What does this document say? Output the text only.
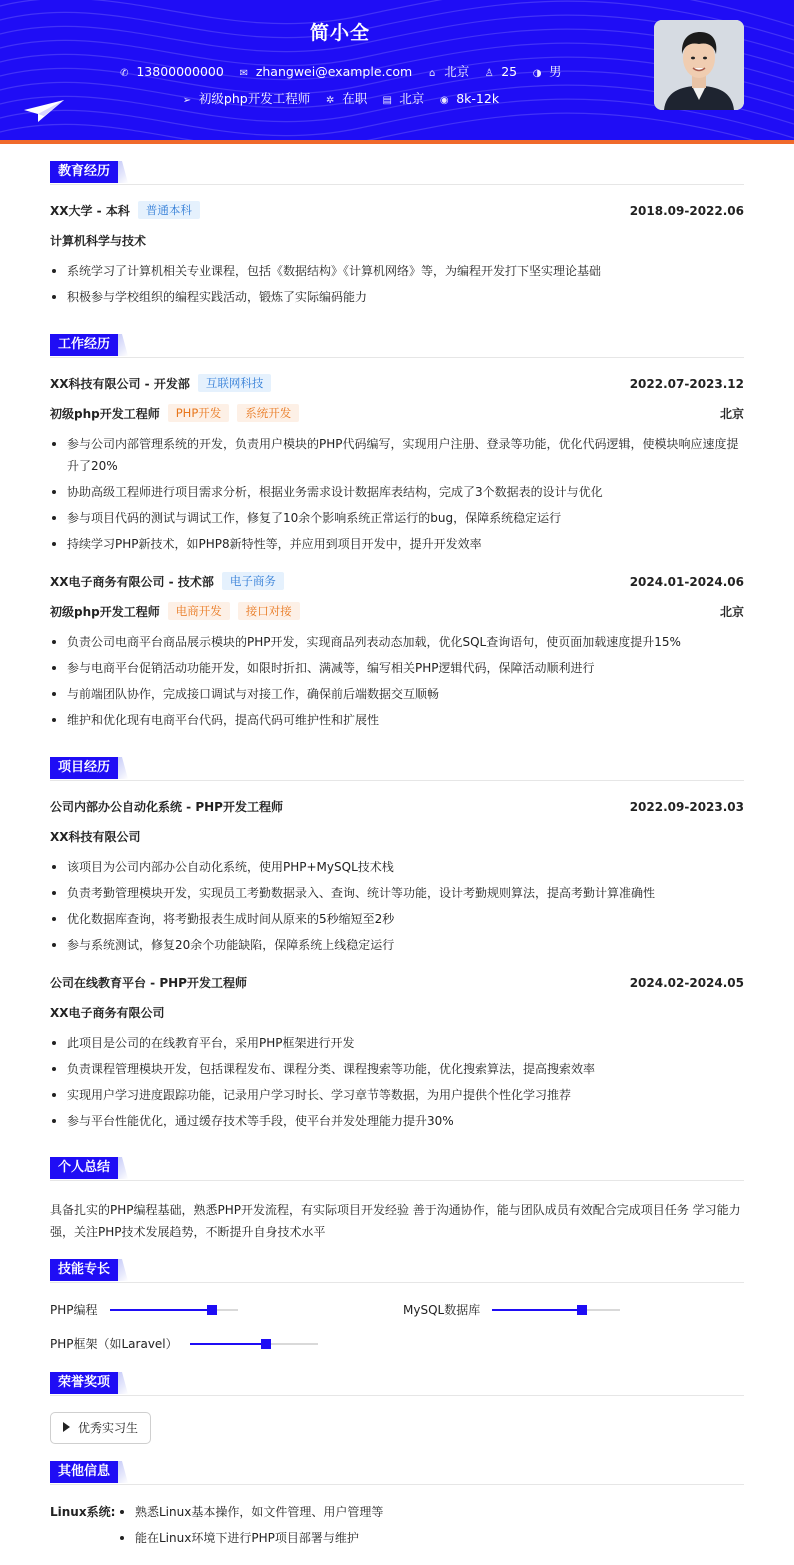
简小全
✆ 13800000000 ✉ zhangwei@example.com ⌂ 北京 ♙ 25 ◑ 男
➢ 初级php开发工程师 ✲ 在职 ▤ 北京 ◉ 8k-12k
教育经历
XX大学 - 本科 普通本科	2018.09-2022.06
计算机科学与技术
系统学习了计算机相关专业课程，包括《数据结构》《计算机网络》等，为编程开发打下坚实理论基础
积极参与学校组织的编程实践活动，锻炼了实际编码能力
工作经历
XX科技有限公司 - 开发部 互联网科技	2022.07-2023.12
初级php开发工程师 PHP开发 系统开发	北京
参与公司内部管理系统的开发，负责用户模块的PHP代码编写，实现用户注册、登录等功能，优化代码逻辑，使模块响应速度提升了20%
协助高级工程师进行项目需求分析，根据业务需求设计数据库表结构，完成了3个数据表的设计与优化
参与项目代码的测试与调试工作，修复了10余个影响系统正常运行的bug，保障系统稳定运行
持续学习PHP新技术，如PHP8新特性等，并应用到项目开发中，提升开发效率
XX电子商务有限公司 - 技术部 电子商务	2024.01-2024.06
初级php开发工程师 电商开发 接口对接	北京
负责公司电商平台商品展示模块的PHP开发，实现商品列表动态加载，优化SQL查询语句，使页面加载速度提升15%
参与电商平台促销活动功能开发，如限时折扣、满减等，编写相关PHP逻辑代码，保障活动顺利进行
与前端团队协作，完成接口调试与对接工作，确保前后端数据交互顺畅
维护和优化现有电商平台代码，提高代码可维护性和扩展性
项目经历
公司内部办公自动化系统 - PHP开发工程师	2022.09-2023.03
XX科技有限公司
该项目为公司内部办公自动化系统，使用PHP+MySQL技术栈
负责考勤管理模块开发，实现员工考勤数据录入、查询、统计等功能，设计考勤规则算法，提高考勤计算准确性
优化数据库查询，将考勤报表生成时间从原来的5秒缩短至2秒
参与系统测试，修复20余个功能缺陷，保障系统上线稳定运行
公司在线教育平台 - PHP开发工程师	2024.02-2024.05
XX电子商务有限公司
此项目是公司的在线教育平台，采用PHP框架进行开发
负责课程管理模块开发，包括课程发布、课程分类、课程搜索等功能，优化搜索算法，提高搜索效率
实现用户学习进度跟踪功能，记录用户学习时长、学习章节等数据，为用户提供个性化学习推荐
参与平台性能优化，通过缓存技术等手段，使平台并发处理能力提升30%
个人总结
具备扎实的PHP编程基础，熟悉PHP开发流程，有实际项目开发经验 善于沟通协作，能与团队成员有效配合完成项目任务 学习能力强，关注PHP技术发展趋势，不断提升自身技术水平
技能专长
PHP编程	MySQL数据库
PHP框架（如Laravel）
荣誉奖项
优秀实习生
其他信息
Linux系统:	熟悉Linux基本操作，如文件管理、用户管理等
能在Linux环境下进行PHP项目部署与维护
